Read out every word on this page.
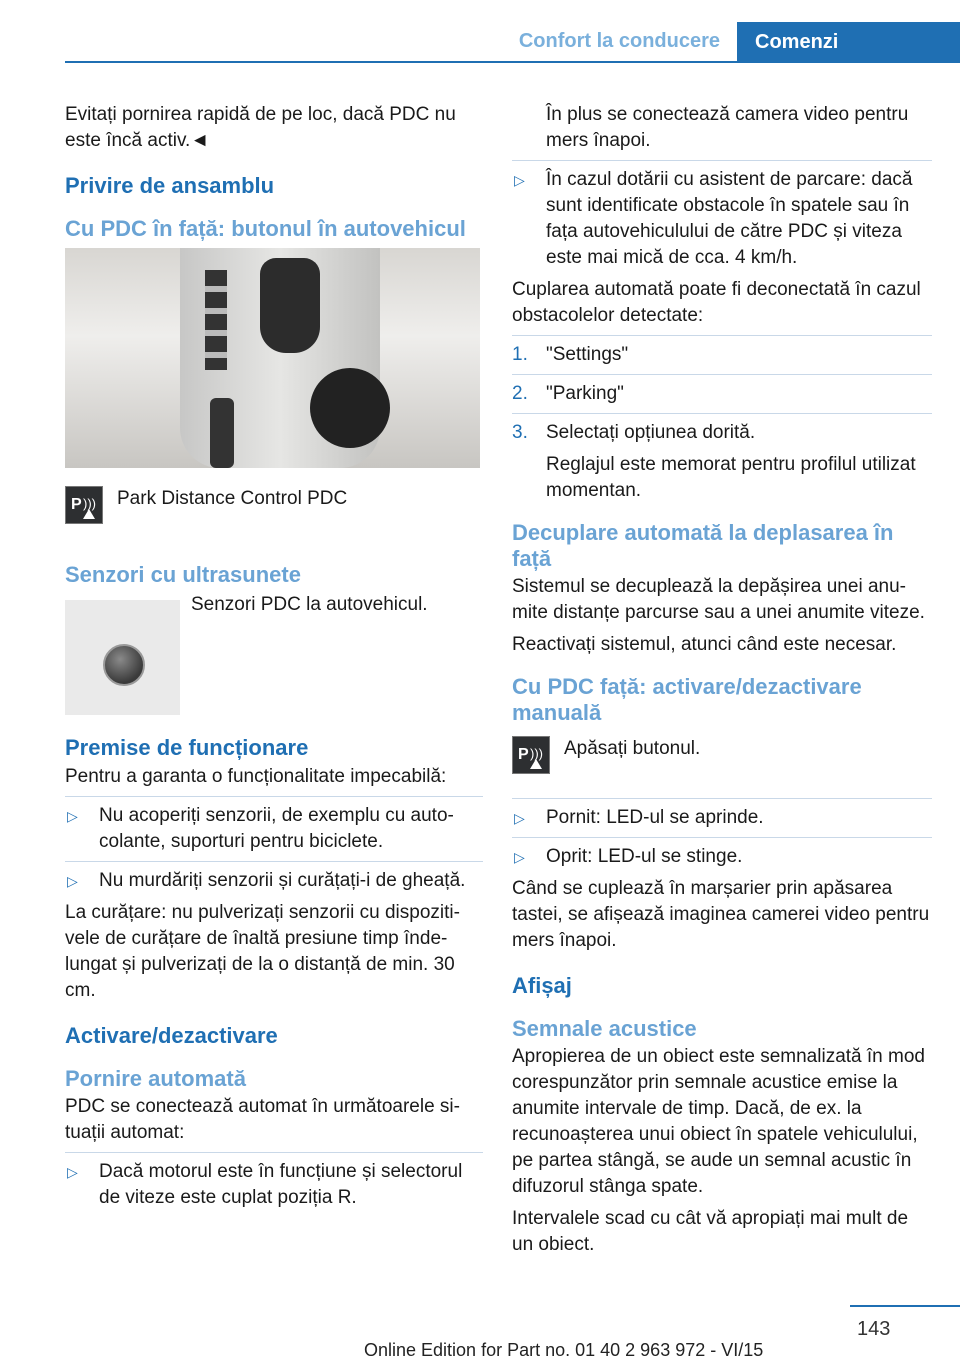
Confort la conducere	Comenzi

Evitați pornirea rapidă de pe loc, dacă PDC nu este încă activ.◄

Privire de ansamblu
Cu PDC în față: butonul în autovehicul
P ))) Park Distance Control PDC
Senzori cu ultrasunete
Senzori PDC la autovehicul.
Premise de funcționare

Pentru a garanta o funcționalitate impecabilă:

▷ Nu acoperiți senzorii, de exemplu cu autocolante, suporturi pentru biciclete.
▷ Nu murdăriți senzorii și curățați-i de gheață.

La curățare: nu pulverizați senzorii cu dispozitivele de curățare de înaltă presiune timp îndelungat și pulverizați de la o distanță de min. 30 cm.

Activare/dezactivare
Pornire automată

PDC se conectează automat în următoarele situații automat:

▷ Dacă motorul este în funcțiune și selectorul de viteze este cuplat poziția R.

În plus se conectează camera video pentru mers înapoi.

▷ În cazul dotării cu asistent de parcare: dacă sunt identificate obstacole în spatele sau în fața autovehiculului de către PDC și viteza este mai mică de cca. 4 km/h.

Cuplarea automată poate fi deconectată în cazul obstacolelor detectate:

1. "Settings"
2. "Parking"
3. Selectați opțiunea dorită.

Reglajul este memorat pentru profilul utilizat momentan.

Decuplare automată la deplasarea în față

Sistemul se decuplează la depășirea unei anumite distanțe parcurse sau a unei anumite viteze.

Reactivați sistemul, atunci când este necesar.

Cu PDC față: activare/dezactivare manuală
P ))) Apăsați butonul.
▷ Pornit: LED-ul se aprinde.
▷ Oprit: LED-ul se stinge.

Când se cuplează în marșarier prin apăsarea tastei, se afișează imaginea camerei video pentru mers înapoi.

Afișaj
Semnale acustice

Apropierea de un obiect este semnalizată în mod corespunzător prin semnale acustice emise la anumite intervale de timp. Dacă, de ex. la recunoașterea unui obiect în spatele vehiculului, pe partea stângă, se aude un semnal acustic în difuzorul stânga spate.

Intervalele scad cu cât vă apropiați mai mult de un obiect.

143
Online Edition for Part no. 01 40 2 963 972 - VI/15
